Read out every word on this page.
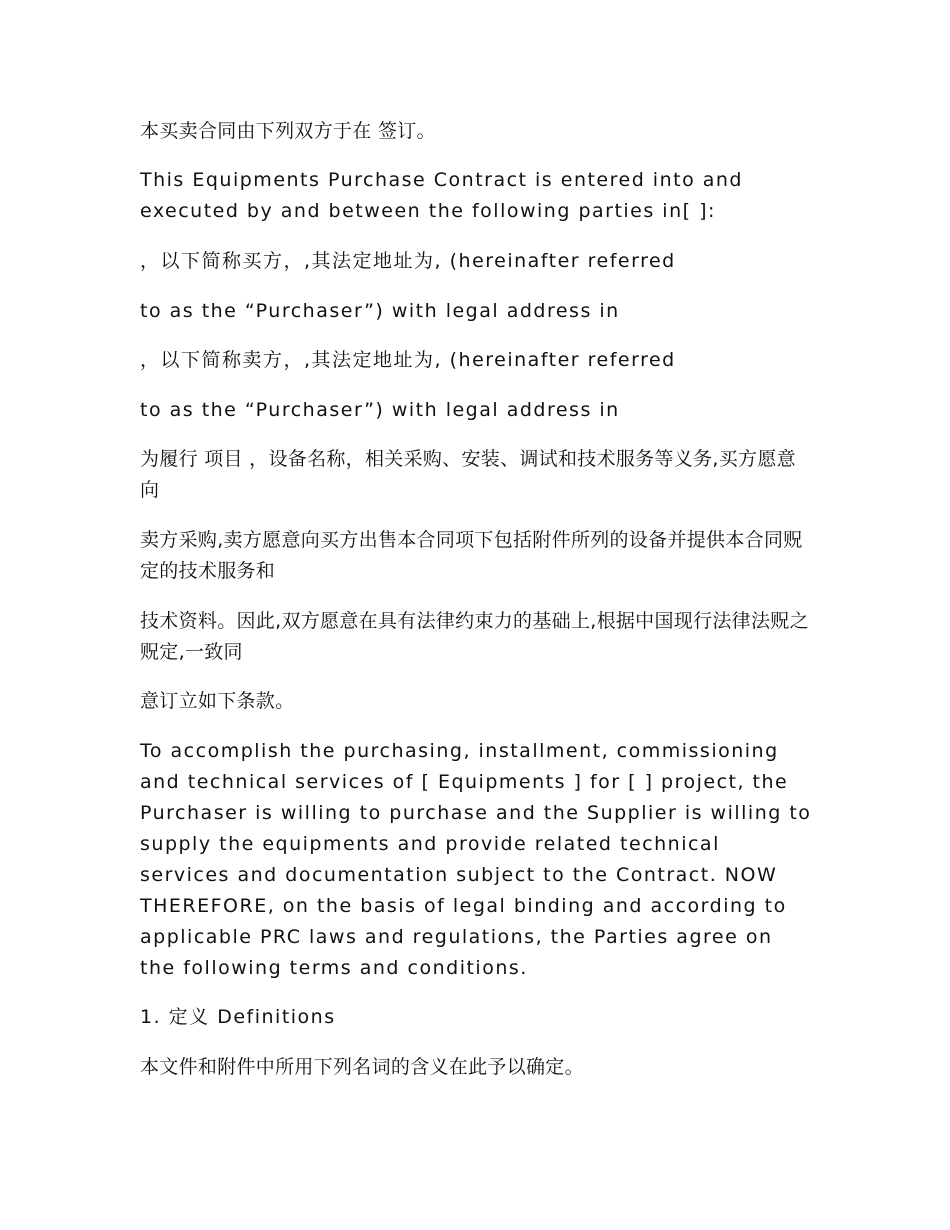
本买卖合同由下列双方于在 签订。

This Equipments Purchase Contract is entered into and executed by and between the following parties in[ ]:

，以下简称买方，,其法定地址为, (hereinafter referred

to as the “Purchaser”) with legal address in

，以下简称卖方，,其法定地址为, (hereinafter referred

to as the “Purchaser”) with legal address in

为履行 项目 ，设备名称，相关采购、安装、调试和技术服务等义务,买方愿意向

卖方采购,卖方愿意向买方出售本合同项下包括附件所列的设备并提供本合同贶定的技术服务和

技术资料。因此,双方愿意在具有法律约束力的基础上,根据中国现行法律法贶之贶定,一致同

意订立如下条款。

To accomplish the purchasing, installment, commissioning and technical services of [ Equipments ] for [ ] project, the Purchaser is willing to purchase and the Supplier is willing to supply the equipments and provide related technical services and documentation subject to the Contract. NOW THEREFORE, on the basis of legal binding and according to applicable PRC laws and regulations, the Parties agree on the following terms and conditions.

1. 定义 Definitions

本文件和附件中所用下列名词的含义在此予以确定。
